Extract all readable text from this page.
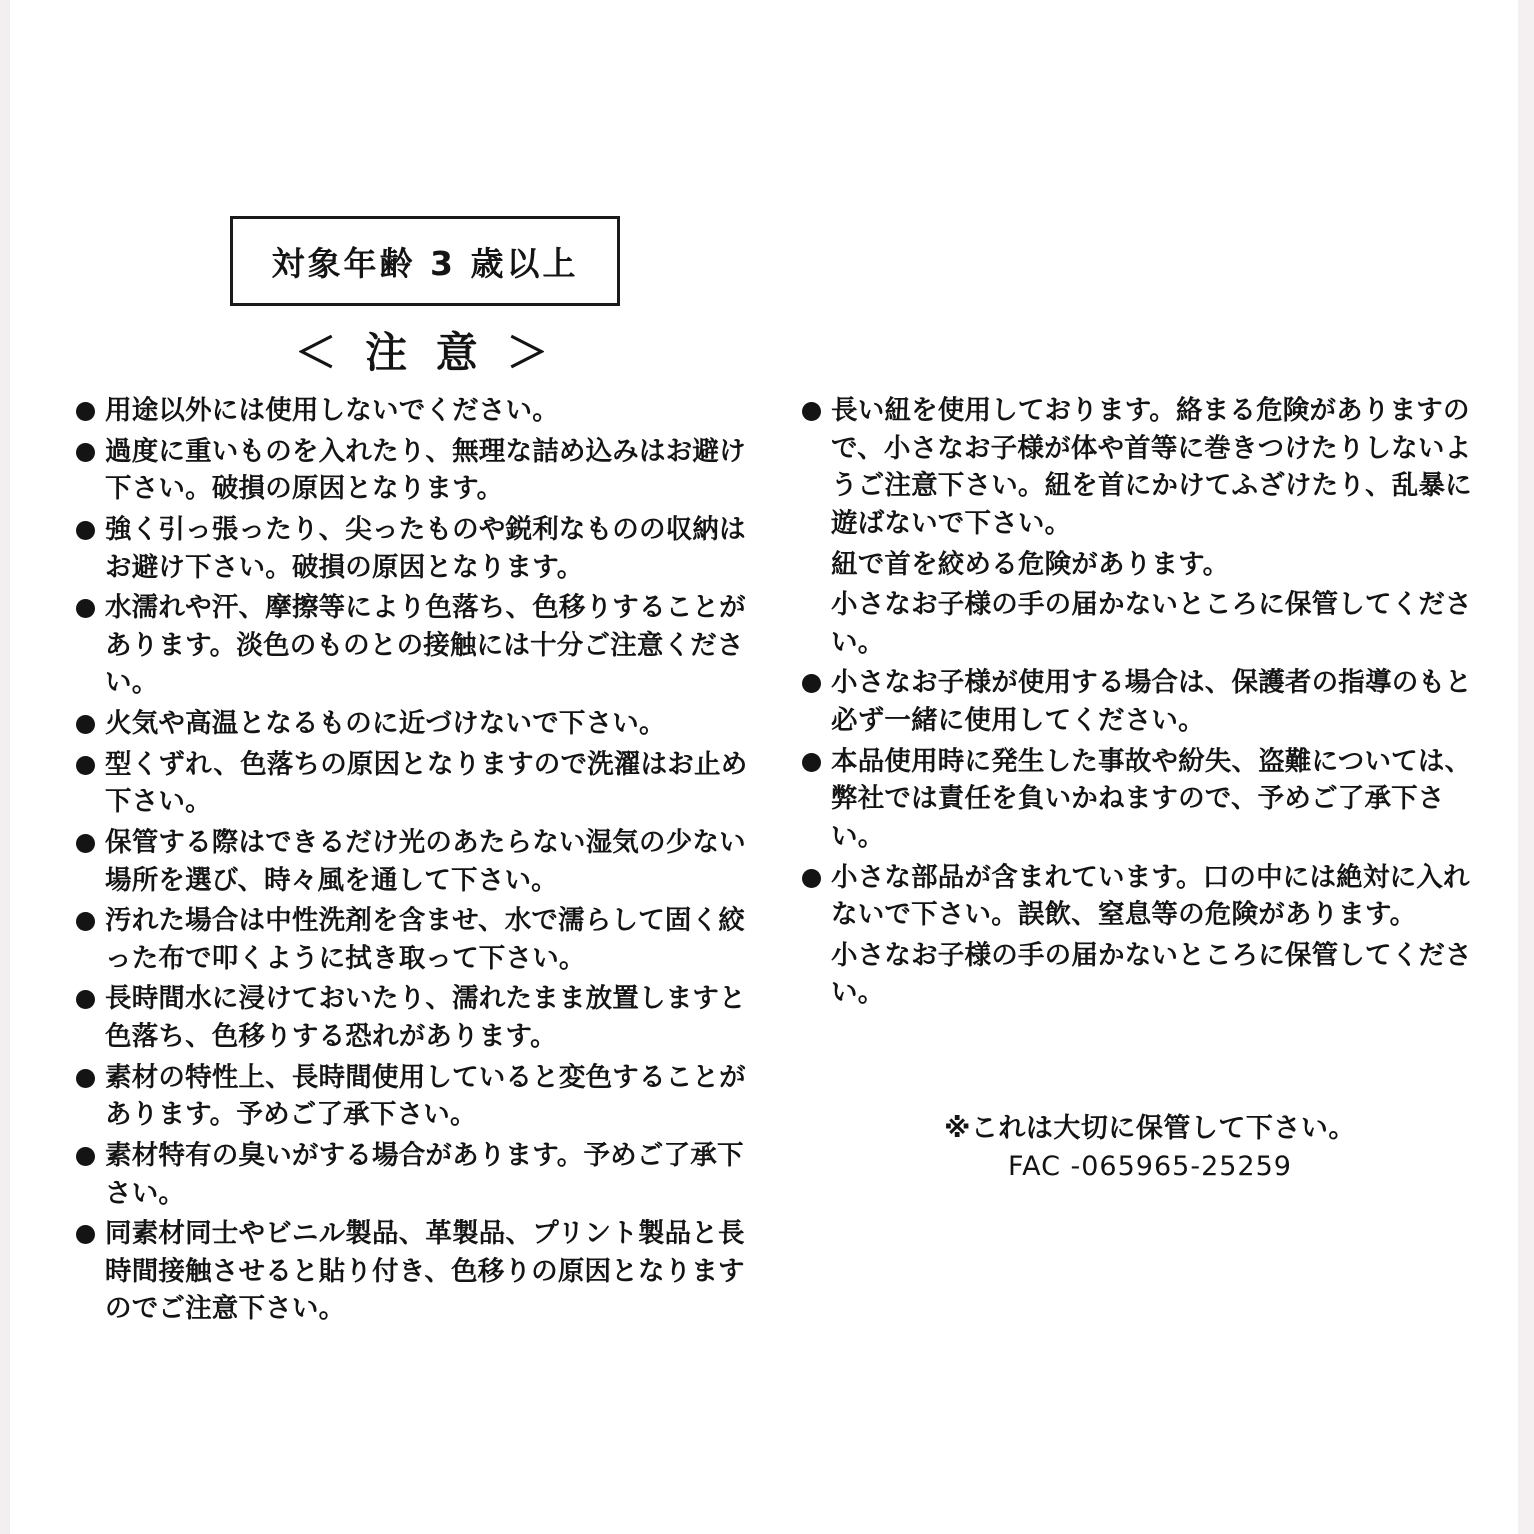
対象年齢 3 歳以上
＜ 注 意 ＞
用途以外には使用しないでください。
過度に重いものを入れたり、無理な詰め込みはお避け下さい。破損の原因となります。
強く引っ張ったり、尖ったものや鋭利なものの収納はお避け下さい。破損の原因となります。
水濡れや汗、摩擦等により色落ち、色移りすることがあります。淡色のものとの接触には十分ご注意ください。
火気や高温となるものに近づけないで下さい。
型くずれ、色落ちの原因となりますので洗濯はお止め下さい。
保管する際はできるだけ光のあたらない湿気の少ない場所を選び、時々風を通して下さい。
汚れた場合は中性洗剤を含ませ、水で濡らして固く絞った布で叩くように拭き取って下さい。
長時間水に浸けておいたり、濡れたまま放置しますと色落ち、色移りする恐れがあります。
素材の特性上、長時間使用していると変色することがあります。予めご了承下さい。
素材特有の臭いがする場合があります。予めご了承下さい。
同素材同士やビニル製品、革製品、プリント製品と長時間接触させると貼り付き、色移りの原因となりますのでご注意下さい。
長い紐を使用しております。絡まる危険がありますので、小さなお子様が体や首等に巻きつけたりしないようご注意下さい。紐を首にかけてふざけたり、乱暴に遊ばないで下さい。
紐で首を絞める危険があります。
小さなお子様の手の届かないところに保管してください。
小さなお子様が使用する場合は、保護者の指導のもと必ず一緒に使用してください。
本品使用時に発生した事故や紛失、盗難については、弊社では責任を負いかねますので、予めご了承下さい。
小さな部品が含まれています。口の中には絶対に入れないで下さい。誤飲、窒息等の危険があります。
小さなお子様の手の届かないところに保管してください。
※これは大切に保管して下さい。
FAC -065965-25259
